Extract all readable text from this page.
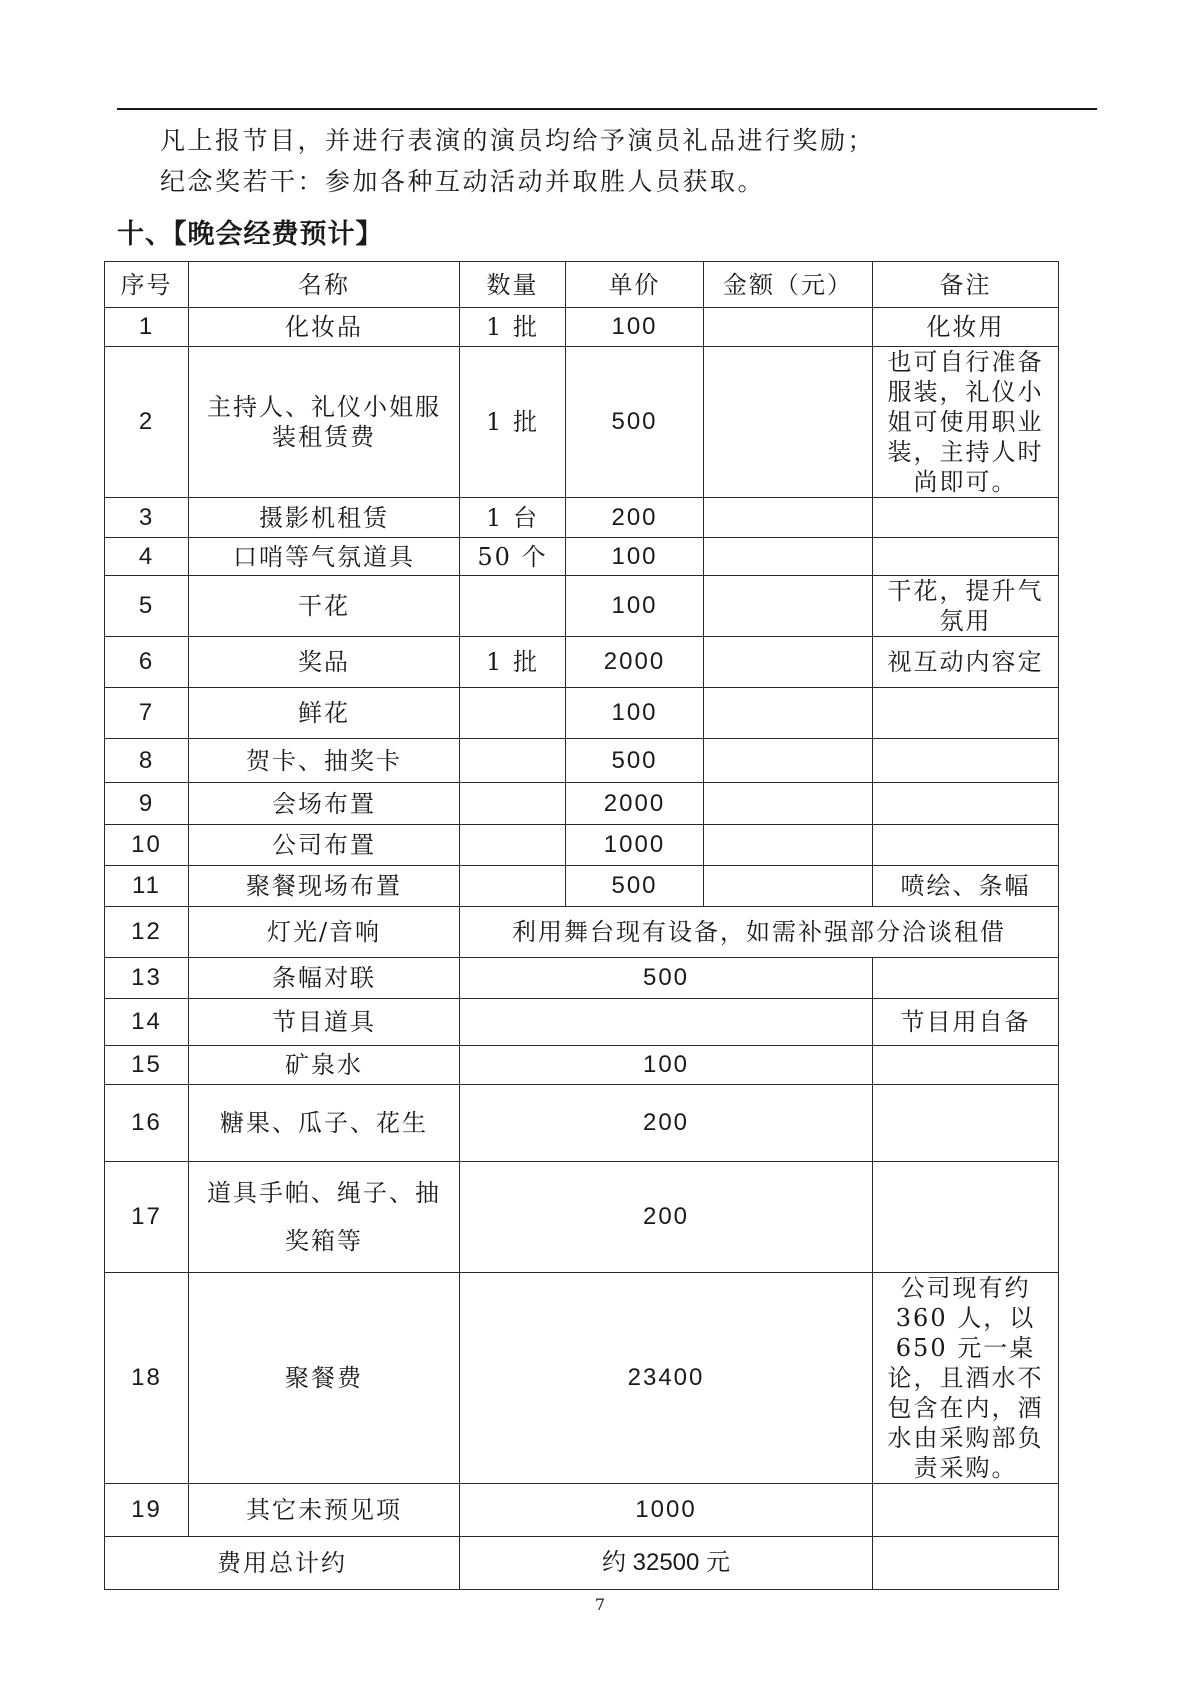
凡上报节目，并进行表演的演员均给予演员礼品进行奖励；
纪念奖若干：参加各种互动活动并取胜人员获取。
十、【晚会经费预计】
序号	名称	数量	单价	金额（元）	备注
1	化妆品	1 批	100		化妆用
2	主持人、礼仪小姐服装租赁费	1 批	500		也可自行准备服装，礼仪小姐可使用职业装，主持人时尚即可。
3	摄影机租赁	1 台	200		
4	口哨等气氛道具	50 个	100		
5	干花		100		干花，提升气氛用
6	奖品	1 批	2000		视互动内容定
7	鲜花		100		
8	贺卡、抽奖卡		500		
9	会场布置		2000		
10	公司布置		1000		
11	聚餐现场布置		500		喷绘、条幅
12	灯光/音响	利用舞台现有设备，如需补强部分洽谈租借			
13	条幅对联	500			
14	节目道具				节目用自备
15	矿泉水	100			
16	糖果、瓜子、花生	200			
17	道具手帕、绳子、抽奖箱等	200			
18	聚餐费	23400			公司现有约 360 人，以 650 元一桌论，且酒水不包含在内，酒水由采购部负责采购。
19	其它未预见项	1000			
费用总计约		约 32500 元			
7
